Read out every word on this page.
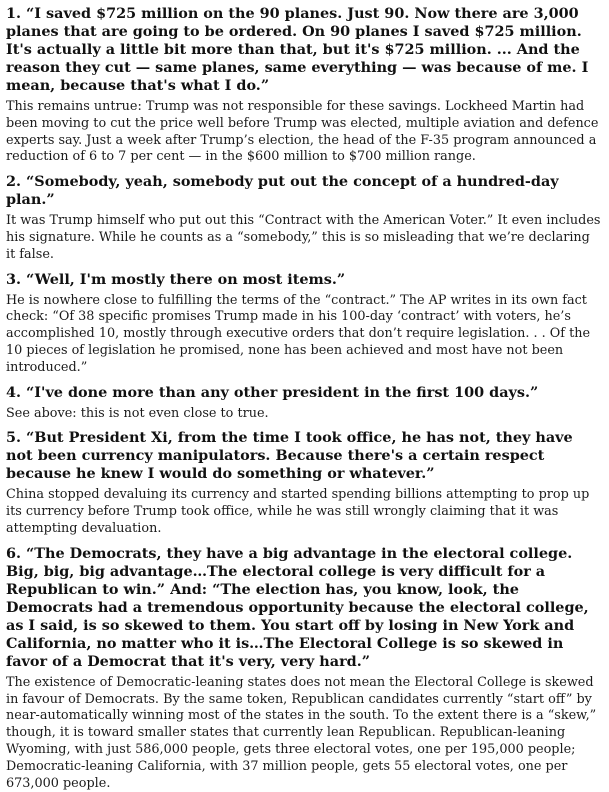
1. “I saved $725 million on the 90 planes. Just 90. Now there are 3,000 planes that are going to be ordered. On 90 planes I saved $725 million. It's actually a little bit more than that, but it's $725 million. ... And the reason they cut — same planes, same everything — was because of me. I mean, because that's what I do.”

This remains untrue: Trump was not responsible for these savings. Lockheed Martin had been moving to cut the price well before Trump was elected, multiple aviation and defence experts say. Just a week after Trump’s election, the head of the F-35 program announced a reduction of 6 to 7 per cent — in the $600 million to $700 million range.

2. “Somebody, yeah, somebody put out the concept of a hundred-day plan.”

It was Trump himself who put out this “Contract with the American Voter.” It even includes his signature. While he counts as a “somebody,” this is so misleading that we’re declaring it false.

3. “Well, I'm mostly there on most items.”

He is nowhere close to fulfilling the terms of the “contract.” The AP writes in its own fact check: “Of 38 specific promises Trump made in his 100-day ‘contract’ with voters, he’s accomplished 10, mostly through executive orders that don’t require legislation. . . Of the 10 pieces of legislation he promised, none has been achieved and most have not been introduced.”

4. “I've done more than any other president in the first 100 days.”

See above: this is not even close to true.

5. “But President Xi, from the time I took office, he has not, they have not been currency manipulators. Because there's a certain respect because he knew I would do something or whatever.”

China stopped devaluing its currency and started spending billions attempting to prop up its currency before Trump took office, while he was still wrongly claiming that it was attempting devaluation.

6. “The Democrats, they have a big advantage in the electoral college. Big, big, big advantage…The electoral college is very difficult for a Republican to win.” And: “The election has, you know, look, the Democrats had a tremendous opportunity because the electoral college, as I said, is so skewed to them. You start off by losing in New York and California, no matter who it is…The Electoral College is so skewed in favor of a Democrat that it's very, very hard.”

The existence of Democratic-leaning states does not mean the Electoral College is skewed in favour of Democrats. By the same token, Republican candidates currently “start off” by near-automatically winning most of the states in the south. To the extent there is a “skew,” though, it is toward smaller states that currently lean Republican. Republican-leaning Wyoming, with just 586,000 people, gets three electoral votes, one per 195,000 people; Democratic-leaning California, with 37 million people, gets 55 electoral votes, one per 673,000 people.
